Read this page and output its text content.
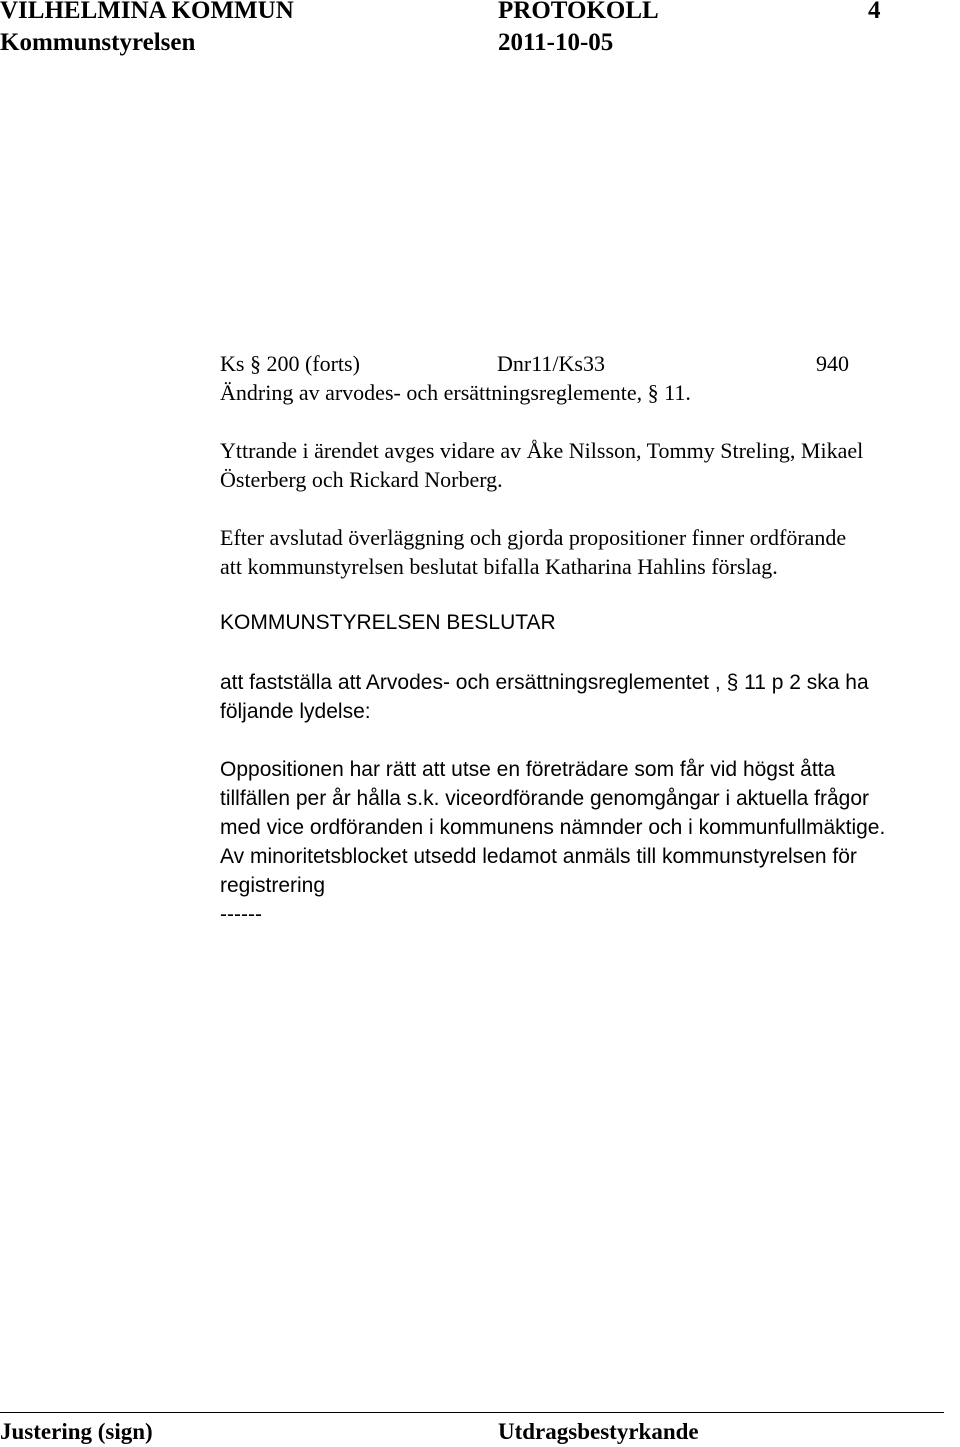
VILHELMINA KOMMUN	PROTOKOLL	4
Kommunstyrelsen	2011-10-05
Ks § 200 (forts)	Dnr11/Ks33	940
Ändring av arvodes- och ersättningsreglemente, § 11.
Yttrande i ärendet avges vidare av Åke Nilsson, Tommy Streling, Mikael
Österberg och Rickard Norberg.
Efter avslutad överläggning och gjorda propositioner finner ordförande
att kommunstyrelsen beslutat bifalla Katharina Hahlins förslag.
KOMMUNSTYRELSEN BESLUTAR
att fastställa att Arvodes- och ersättningsreglementet , § 11 p 2 ska ha
följande lydelse:
Oppositionen har rätt att utse en företrädare som får vid högst åtta
tillfällen per år hålla s.k. viceordförande genomgångar i aktuella frågor
med vice ordföranden i kommunens nämnder och i kommunfullmäktige.
Av minoritetsblocket utsedd ledamot anmäls till kommunstyrelsen för
registrering
------
Justering (sign)	Utdragsbestyrkande
